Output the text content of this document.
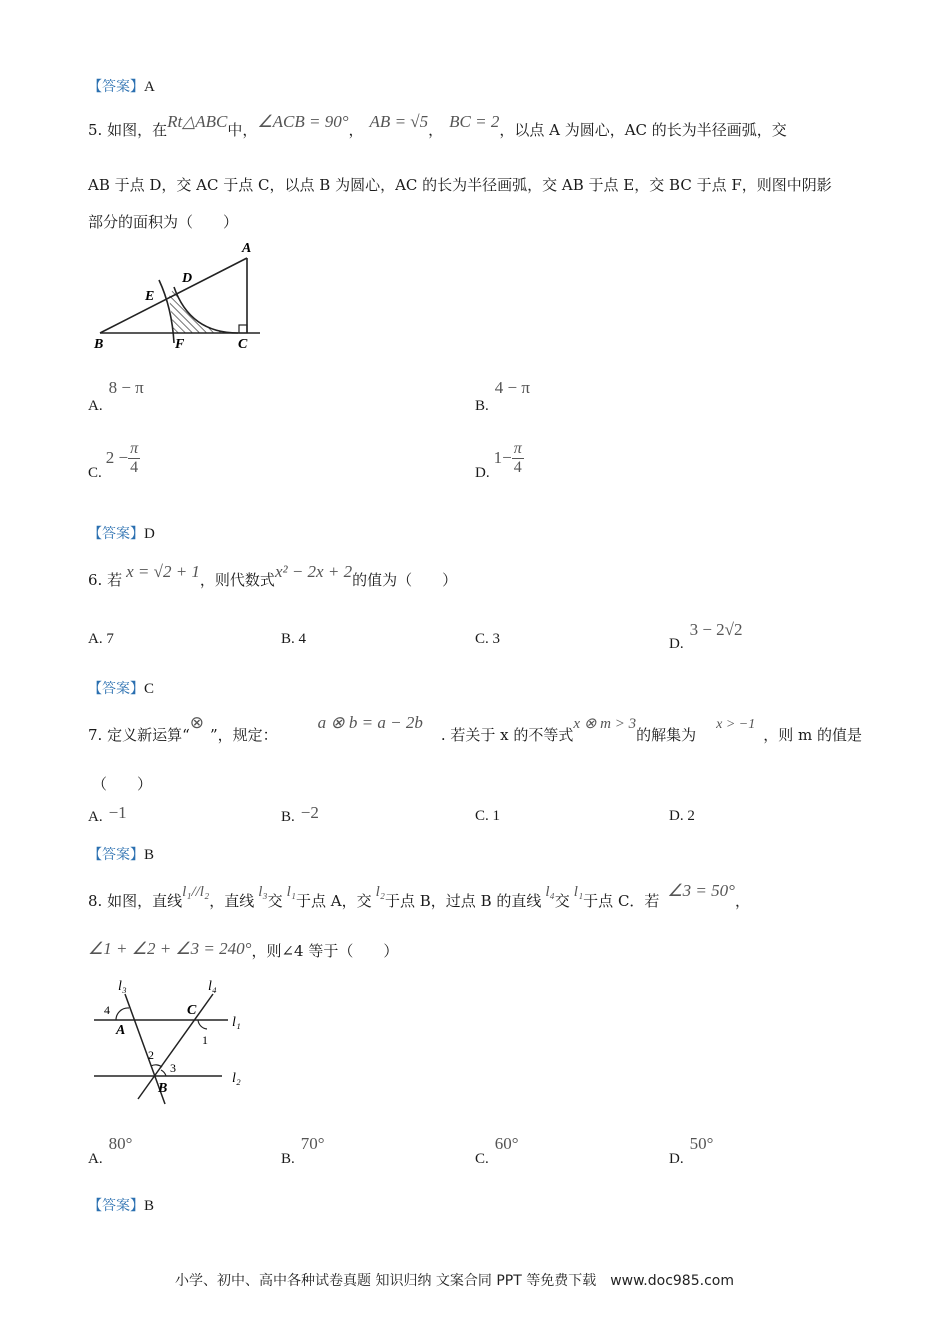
【答案】A
5. 如图，在Rt△ABC中，∠ACB = 90°， AB = √5， BC = 2，以点 A 为圆心，AC 的长为半径画弧，交
AB 于点 D，交 AC 于点 C，以点 B 为圆心，AC 的长为半径画弧，交 AB 于点 E，交 BC 于点 F，则图中阴影
部分的面积为（　　）
A
B	C
D
E
F
A.8 − π
B.4 − π
$C.2 - \frac{\pi}{4}$	$D.1- \frac{\pi}{4}$
【答案】D
6. 若 x = √2 + 1，则代数式x² − 2x + 2的值为（　　）
A. 7	B. 4	C. 3	D.3 − 2√2
【答案】C
7. 定义新运算“⊗”，规定：a ⊗ b = a − 2b. 若关于 x 的不等式x ⊗ m > 3的解集为x > −1，则 m 的值是
（　　）
A. −1	B. −2	C. 1	D. 2
【答案】B
8. 如图，直线l₁//l₂，直线 l₃交 l₁于点 A，交 l₂于点 B，过点 B 的直线 l₄交 l₁于点 C．若∠3 = 50°，
∠1 + ∠2 + ∠3 = 240°，则∠4 等于（　　）
l₃	l₄
l₁
l₂
A
C
B
1
2
3
4
A.80°
B.70°
C.60°
D.50°
【答案】B
小学、初中、高中各种试卷真题 知识归纳 文案合同 PPT 等免费下载　www.doc985.com
